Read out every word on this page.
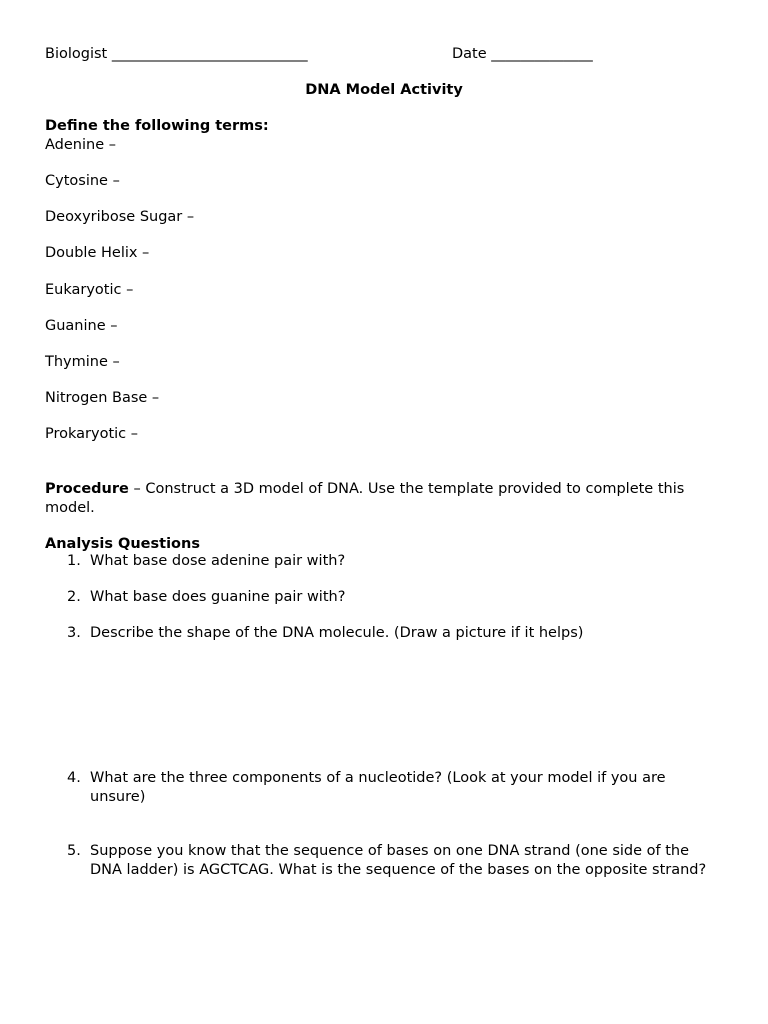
Biologist ___________________________	Date ______________
DNA Model Activity
Define the following terms:
Adenine –
Cytosine –
Deoxyribose Sugar –
Double Helix –
Eukaryotic –
Guanine –
Thymine –
Nitrogen Base –
Prokaryotic –
Procedure – Construct a 3D model of DNA. Use the template provided to complete this model.
Analysis Questions
1. What base dose adenine pair with?
2. What base does guanine pair with?
3. Describe the shape of the DNA molecule. (Draw a picture if it helps)
4. What are the three components of a nucleotide? (Look at your model if you are unsure)
5. Suppose you know that the sequence of bases on one DNA strand (one side of the DNA ladder) is AGCTCAG. What is the sequence of the bases on the opposite strand?
